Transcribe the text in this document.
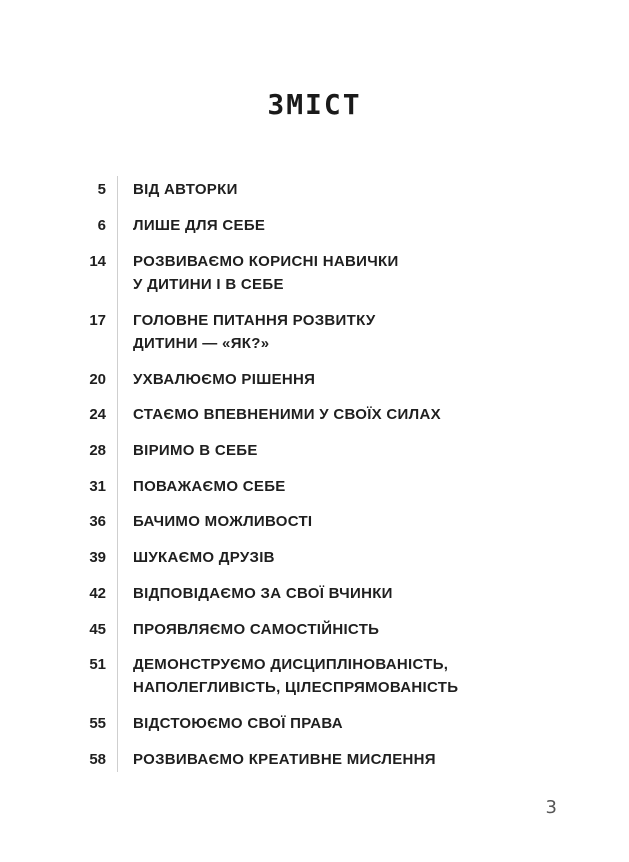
ЗМІСТ
5 ВІД АВТОРКИ
6 ЛИШЕ ДЛЯ СЕБЕ
14 РОЗВИВАЄМО КОРИСНІ НАВИЧКИ
У ДИТИНИ І В СЕБЕ
17 ГОЛОВНЕ ПИТАННЯ РОЗВИТКУ
ДИТИНИ — «ЯК?»
20 УХВАЛЮЄМО РІШЕННЯ
24 СТАЄМО ВПЕВНЕНИМИ У СВОЇХ СИЛАХ
28 ВІРИМО В СЕБЕ
31 ПОВАЖАЄМО СЕБЕ
36 БАЧИМО МОЖЛИВОСТІ
39 ШУКАЄМО ДРУЗІВ
42 ВІДПОВІДАЄМО ЗА СВОЇ ВЧИНКИ
45 ПРОЯВЛЯЄМО САМОСТІЙНІСТЬ
51 ДЕМОНСТРУЄМО ДИСЦИПЛІНОВАНІСТЬ,
НАПОЛЕГЛИВІСТЬ, ЦІЛЕСПРЯМОВАНІСТЬ
55 ВІДСТОЮЄМО СВОЇ ПРАВА
58 РОЗВИВАЄМО КРЕАТИВНЕ МИСЛЕННЯ
3
